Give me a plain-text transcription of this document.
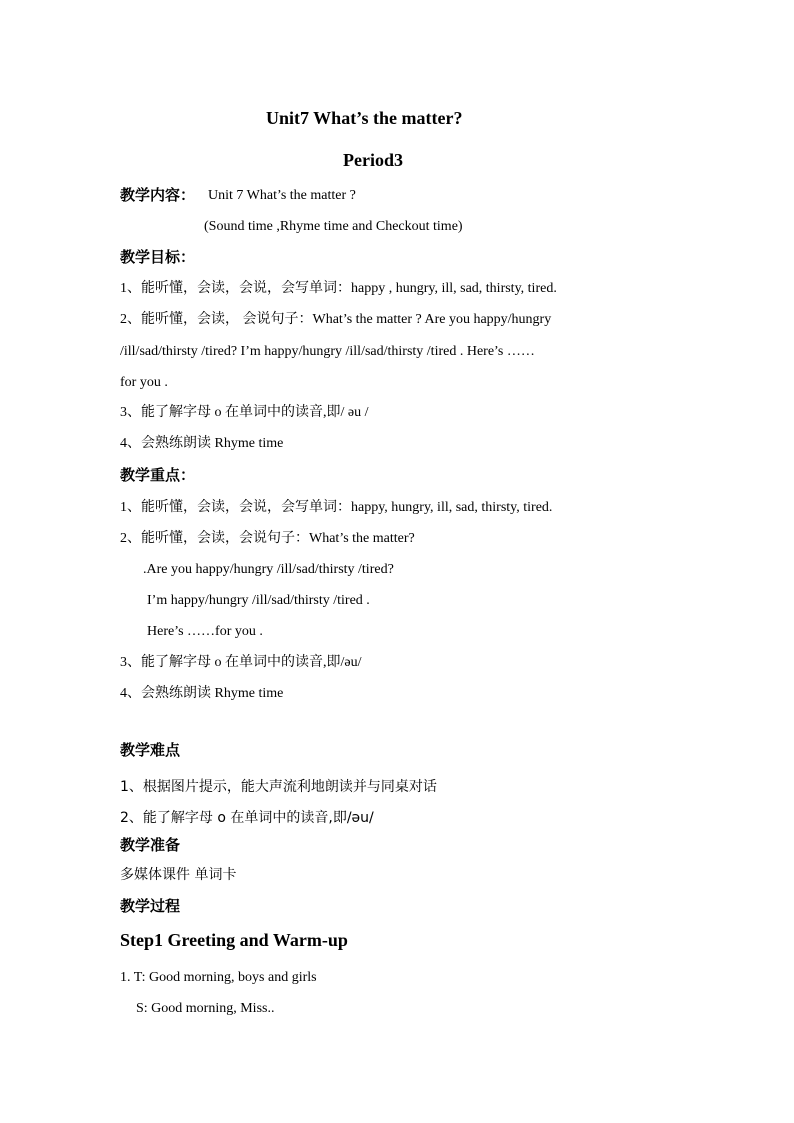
Unit7 What’s the matter?
Period3
教学内容： Unit 7 What’s the matter ?
(Sound time ,Rhyme time and Checkout time)
教学目标：
1、能听懂，会读，会说，会写单词：happy , hungry, ill, sad, thirsty, tired.
2、能听懂，会读， 会说句子：What’s the matter ? Are you happy/hungry
/ill/sad/thirsty /tired? I’m happy/hungry /ill/sad/thirsty /tired . Here’s ……
for you .
3、能了解字母 o 在单词中的读音,即/ əu /
4、会熟练朗读 Rhyme time
教学重点：
1、能听懂，会读，会说，会写单词：happy, hungry, ill, sad, thirsty, tired.
2、能听懂，会读，会说句子：What’s the matter?
.Are you happy/hungry /ill/sad/thirsty /tired?
I’m happy/hungry /ill/sad/thirsty /tired .
Here’s ……for you .
3、能了解字母 o 在单词中的读音,即/əu/
4、会熟练朗读 Rhyme time
教学难点
1、根据图片提示，能大声流利地朗读并与同桌对话
2、能了解字母 o 在单词中的读音,即/əu/
教学准备
多媒体课件 单词卡
教学过程
Step1 Greeting and Warm-up
1. T: Good morning, boys and girls
S: Good morning, Miss..
